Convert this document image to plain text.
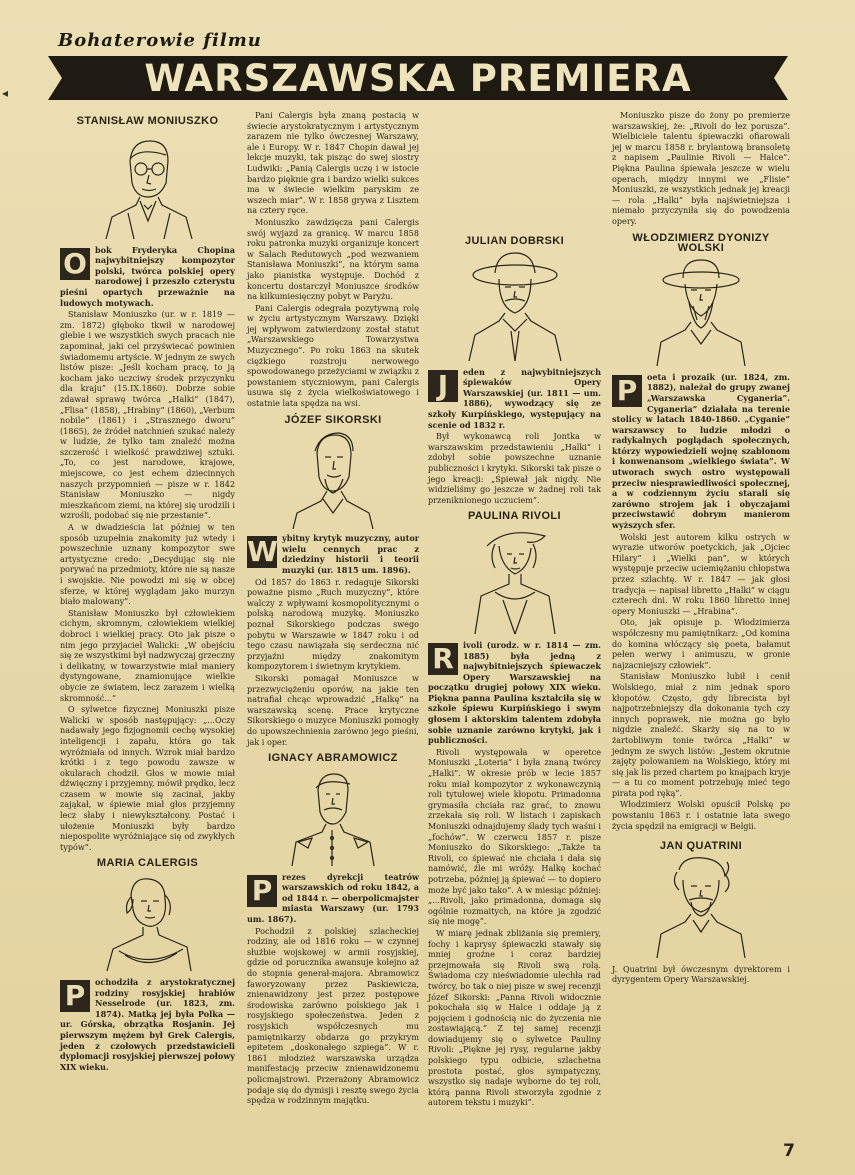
◂
Bohaterowie filmu
WARSZAWSKA PREMIERA
STANISŁAW MONIUSZKO
O bok Fryderyka Chopina najwybitniejszy kompozytor polski, twórca polskiej opery narodowej i przeszło czterystu pieśni opartych przeważnie na ludowych motywach.

Stanisław Moniuszko (ur. w r. 1819 — zm. 1872) głęboko tkwił w narodowej glebie i we wszystkich swych pracach nie zapominał, jaki cel przyświecać powinien świadomemu artyście. W jednym ze swych listów pisze: „Jeśli kocham pracę, to ją kocham jako uczciwy środek przyczynku dla kraju” (15.IX.1860). Dobrze sobie zdawał sprawę twórca „Halki” (1847), „Flisa” (1858), „Hrabiny” (1860), „Verbum nobile” (1861) i „Strasznego dworu” (1865), że źródeł natchnień szukać należy w ludzie, że tylko tam znaleźć można szczerość i wielkość prawdziwej sztuki. „To, co jest narodowe, krajowe, miejscowe, co jest echem dziecinnych naszych przypomnień — pisze w r. 1842 Stanisław Moniuszko — nigdy mieszkańcom ziemi, na której się urodzili i wzrośli, podobać się nie przestanie”.

A w dwadzieścia lat później w ten sposób uzupełnia znakomity już wtedy i powszechnie uznany kompozytor swe artystyczne credo: „Decydując się nie porywać na przedmioty, które nie są nasze i swojskie. Nie powodzi mi się w obcej sferze, w której wyglądam jako murzyn biało malowany”.

Stanisław Moniuszko był człowiekiem cichym, skromnym, człowiekiem wielkiej dobroci i wielkiej pracy. Oto jak pisze o nim jego przyjaciel Walicki: „W obejściu się ze wszystkimi był nadzwyczaj grzeczny i delikatny, w towarzystwie miał maniery dystyngowane, znamionujące wielkie obycie ze światem, lecz zarazem i wielką skromność...”

O sylwetce fizycznej Moniuszki pisze Walicki w sposób następujący: „...Oczy nadawały jego fizjognomii cechę wysokiej inteligencji i zapału, która go tak wyróżniała od innych. Wzrok miał bardzo krótki i z tego powodu zawsze w okularach chodził. Głos w mowie miał dźwięczny i przyjemny, mówił prędko, lecz czasem w mowie się zacinał, jakby zająkał, w śpiewie miał głos przyjemny lecz słaby i niewykształcony. Postać i ułożenie Moniuszki były bardzo niepospolite wyróżniające się od zwykłych typów”.

MARIA CALERGIS
P	ochodziła z arystokratycznej rodziny rosyjskiej hrabiów Nesselrode (ur. 1823, zm. 1874). Matką jej była Polka — ur. Górska, obrzątka Rosjanin. Jej pierwszym mężem był Grek Calergis, jeden z czołowych przedstawicieli dyplomacji rosyjskiej pierwszej połowy XIX wieku.

Pani Calergis była znaną postacią w świecie arystokratycznym i artystycznym zarazem nie tylko ówczesnej Warszawy, ale i Europy. W r. 1847 Chopin dawał jej lekcje muzyki, tak pisząc do swej siostry Ludwiki: „Panią Calergis uczę i w istocie bardzo pięknie gra i bardzo wielki sukces ma w świecie wielkim paryskim ze wszech miar”. W r. 1858 grywa z Lisztem na cztery ręce.

Moniuszko zawdzięcza pani Calergis swój wyjazd za granicę. W marcu 1858 roku patronka muzyki organizuje koncert w Salach Redutowych „pod wezwaniem Stanisława Moniuszki”, na którym sama jako pianistka występuje. Dochód z koncertu dostarczył Moniuszce środków na kilkumiesięczny pobyt w Paryżu.

Pani Calergis odegrała pozytywną rolę w życiu artystycznym Warszawy. Dzięki jej wpływom zatwierdzony został statut „Warszawskiego Towarzystwa Muzycznego”. Po roku 1863 na skutek ciężkiego rozstroju nerwowego spowodowanego przeżyciami w związku z powstaniem styczniowym, pani Calergis usuwa się z życia wielkoświatowego i ostatnie lata spędza na wsi.

JÓZEF SIKORSKI
W ybitny krytyk muzyczny, autor wielu cennych prac z dziedziny historii i teorii muzyki (ur. 1815 um. 1896).

Od 1857 do 1863 r. redaguje Sikorski poważne pismo „Ruch muzyczny”, które walczy z wpływami kosmopolitycznymi o polską narodową muzykę. Moniuszko poznał Sikorskiego podczas swego pobytu w Warszawie w 1847 roku i od tego czasu nawiązała się serdeczna nić przyjaźni między znakomitym kompozytorem i świetnym krytykiem.

Sikorski pomagał Moniuszce w przezwyciężeniu oporów, na jakie ten natrafiał chcąc wprowadzić „Halkę” na warszawską scenę. Prace krytyczne Sikorskiego o muzyce Moniuszki pomogły do upowszechnienia zarówno jego pieśni, jak i oper.

IGNACY ABRAMOWICZ
P	rezes dyrekcji teatrów warszawskich od roku 1842, a od 1844 r. — oberpolicmajster miasta Warszawy (ur. 1793 um. 1867).

Pochodził z polskiej szlacheckiej rodziny, ale od 1816 roku — w czynnej służbie wojskowej w armii rosyjskiej, gdzie od porucznika awansuje kolejno aż do stopnia generał-majora. Abramowicz faworyzowany przez Paskiewicza, znienawidzony jest przez postępowe środowiska zarówno polskiego jak i rosyjskiego społeczeństwa. Jeden z rosyjskich współczesnych mu pamiętnikarzy obdarza go przykrym epitetem „doskonałego szpiega”. W r. 1861 młodzież warszawska urządza manifestację przeciw znienawidzonemu policmajstrowi. Przerażony Abramowicz podaje się do dymisji i resztę swego życia spędza w rodzinnym majątku.

JULIAN DOBRSKI
J	eden z najwybitniejszych śpiewaków Opery Warszawskiej (ur. 1811 — um. 1886), wywodzący się ze szkoły Kurpińskiego, występujący na scenie od 1832 r.

Był wykonawcą roli Jontka w warszawskim przedstawieniu „Halki” i zdobył sobie powszechne uznanie publiczności i krytyki. Sikorski tak pisze o jego kreacji: „Śpiewał jak nigdy. Nie widzieliśmy go jeszcze w żadnej roli tak przeniknionego uczuciem”.

PAULINA RIVOLI
R	ivoli (urodz. w r. 1814 — zm. 1885) była jedną z najwybitniejszych śpiewaczek Opery Warszawskiej na początku drugiej połowy XIX wieku. Piękna panna Paulina kształciła się w szkole śpiewu Kurpińskiego i swym głosem i aktorskim talentem zdobyła sobie uznanie zarówno krytyki, jak i publiczności.

Rivoli występowała w operetce Moniuszki „Loteria” i była znaną twórcy „Halki”. W okresie prób w lecie 1857 roku miał kompozytor z wykonawczynią roli tytułowej wiele kłopotu. Primadonna grymasiła chciała raz grać, to znowu zrzekała się roli. W listach i zapiskach Moniuszki odnajdujemy ślady tych waśni i „fochów”. W czerwcu 1857 r. pisze Moniuszko do Sikorskiego: „Także ta Rivoli, co śpiewać nie chciała i dała się namówić, źle mi wróży. Halkę kochać potrzeba, później ją śpiewać — to dopiero może być jako tako”. A w miesiąc później: „...Rivoli, jako primadonna, domaga się ogólnie rozmaitych, na które ja zgodzić się nie mogę”.

W miarę jednak zbliżania się premiery, fochy i kaprysy śpiewaczki stawały się mniej groźne i coraz bardziej przejmowała się Rivoli swą rolą. Świadoma czy nieświadomie ulechła rad twórcy, bo tak o niej pisze w swej recenzji Józef Sikorski: „Panna Rivoli widocznie pokochała się w Halce i oddaje ją z pojęciem i godnością nic do życzenia nie zostawiającą.” Z tej samej recenzji dowiadujemy się o sylwetce Pauliny Rivoli: „Piękne jej rysy, regularne jakby polskiego typu odbicie, szlachetna prostota postać, głos sympatyczny, wszystko się nadaje wyborne do tej roli, którą panna Rivoli stworzyła zgodnie z autorem tekstu i muzyki”.

Moniuszko pisze do żony po premierze warszawskiej, że: „Rivoli do łez porusza”. Wielbiciele talentu śpiewaczki ofiarowali jej w marcu 1858 r. brylantową bransoletę z napisem „Paulinie Rivoli — Halce”. Piękna Paulina śpiewała jeszcze w wielu operach, między innymi we „Flisie” Moniuszki, ze wszystkich jednak jej kreacji — rola „Halki” była najświetniejsza i niemało przyczyniła się do powodzenia opery.

WŁODZIMIERZ DYONIZY WOLSKI
P	oeta i prozaik (ur. 1824, zm. 1882), należał do grupy zwanej „Warszawska Cyganeria”. Cyganeria” działała na terenie stolicy w latach 1840-1860. „Cyganie” warszawscy to ludzie młodzi o radykalnych poglądach społecznych, którzy wypowiedzieli wojnę szablonom i konwenansom „wielkiego świata”. W utworach swych ostro występowali przeciw niesprawiedliwości społecznej, a w codziennym życiu starali się zarówno strojem jak i obyczajami przeciwstawić dobrym manierom wyższych sfer.

Wolski jest autorem kilku ostrych w wyrazie utworów poetyckich, jak „Ojciec Hilary” i „Wielki pan”, w których występuje przeciw uciemiężaniu chłopstwa przez szlachtę. W r. 1847 — jak głosi tradycja — napisał libretto „Halki” w ciągu czterech dni. W roku 1860 libretto innej opery Moniuszki — „Hrabina”.

Oto, jak opisuje p. Włodzimierza współczesny mu pamiętnikarz: „Od komina do komina włóczący się poeta, bałamut pełen werwy i animuszu, w gronie najzacniejszy człowiek”.

Stanisław Moniuszko lubił i cenił Wolskiego, miał z nim jednak sporo kłopotów. Często, gdy librecista był najpotrzebniejszy dla dokonania tych czy innych poprawek, nie można go było nigdzie znaleźć. Skarży się na to w żartobliwym tonie twórca „Halki” w jednym ze swych listów: „Jestem okrutnie zajęty polowaniem na Wolskiego, który mi się jak lis przed chartem po knajpach kryje — a tu co moment potrzebuję mieć tego pirata pod ręką”.

Włodzimierz Wolski opuścił Polskę po powstaniu 1863 r. i ostatnie lata swego życia spędził na emigracji w Belgii.

JAN QUATRINI

J. Quatrini był ówczesnym dyrektorem i dyrygentem Opery Warszawskiej.

7
